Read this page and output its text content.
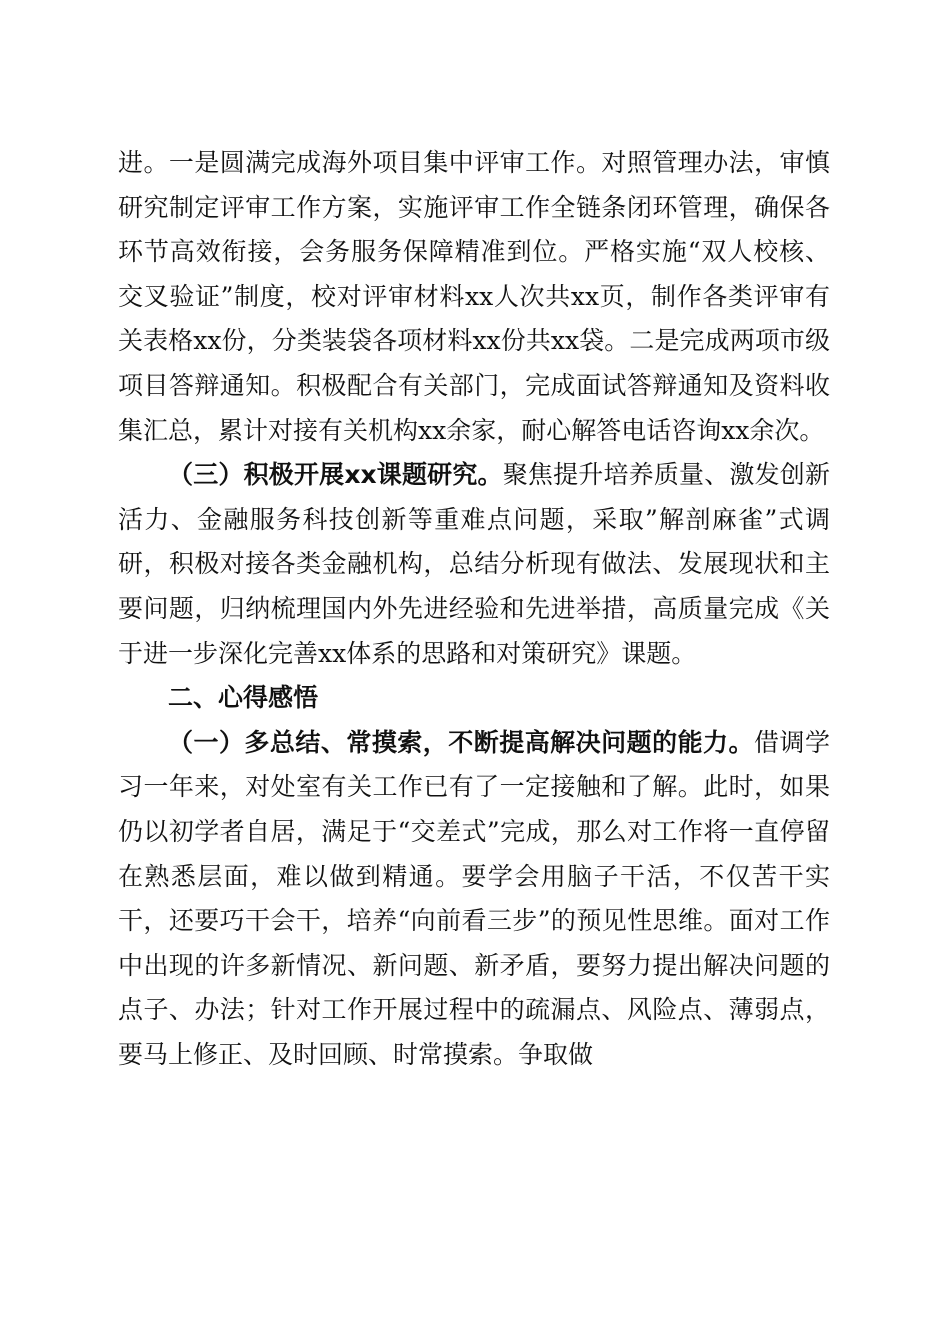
进。一是圆满完成海外项目集中评审工作。对照管理办法，审慎研究制定评审工作方案，实施评审工作全链条闭环管理，确保各环节高效衔接，会务服务保障精准到位。严格实施“双人校核、交叉验证”制度，校对评审材料xx人次共xx页，制作各类评审有关表格xx份，分类装袋各项材料xx份共xx袋。二是完成两项市级项目答辩通知。积极配合有关部门，完成面试答辩通知及资料收集汇总，累计对接有关机构xx余家，耐心解答电话咨询xx余次。

（三）积极开展xx课题研究。聚焦提升培养质量、激发创新活力、金融服务科技创新等重难点问题，采取”解剖麻雀”式调研，积极对接各类金融机构，总结分析现有做法、发展现状和主要问题，归纳梳理国内外先进经验和先进举措，高质量完成《关于进一步深化完善xx体系的思路和对策研究》课题。

二、心得感悟

（一）多总结、常摸索，不断提高解决问题的能力。借调学习一年来，对处室有关工作已有了一定接触和了解。此时，如果仍以初学者自居，满足于“交差式”完成，那么对工作将一直停留在熟悉层面，难以做到精通。要学会用脑子干活，不仅苦干实干，还要巧干会干，培养“向前看三步”的预见性思维。面对工作中出现的许多新情况、新问题、新矛盾，要努力提出解决问题的点子、办法；针对工作开展过程中的疏漏点、风险点、薄弱点，要马上修正、及时回顾、时常摸索。争取做
